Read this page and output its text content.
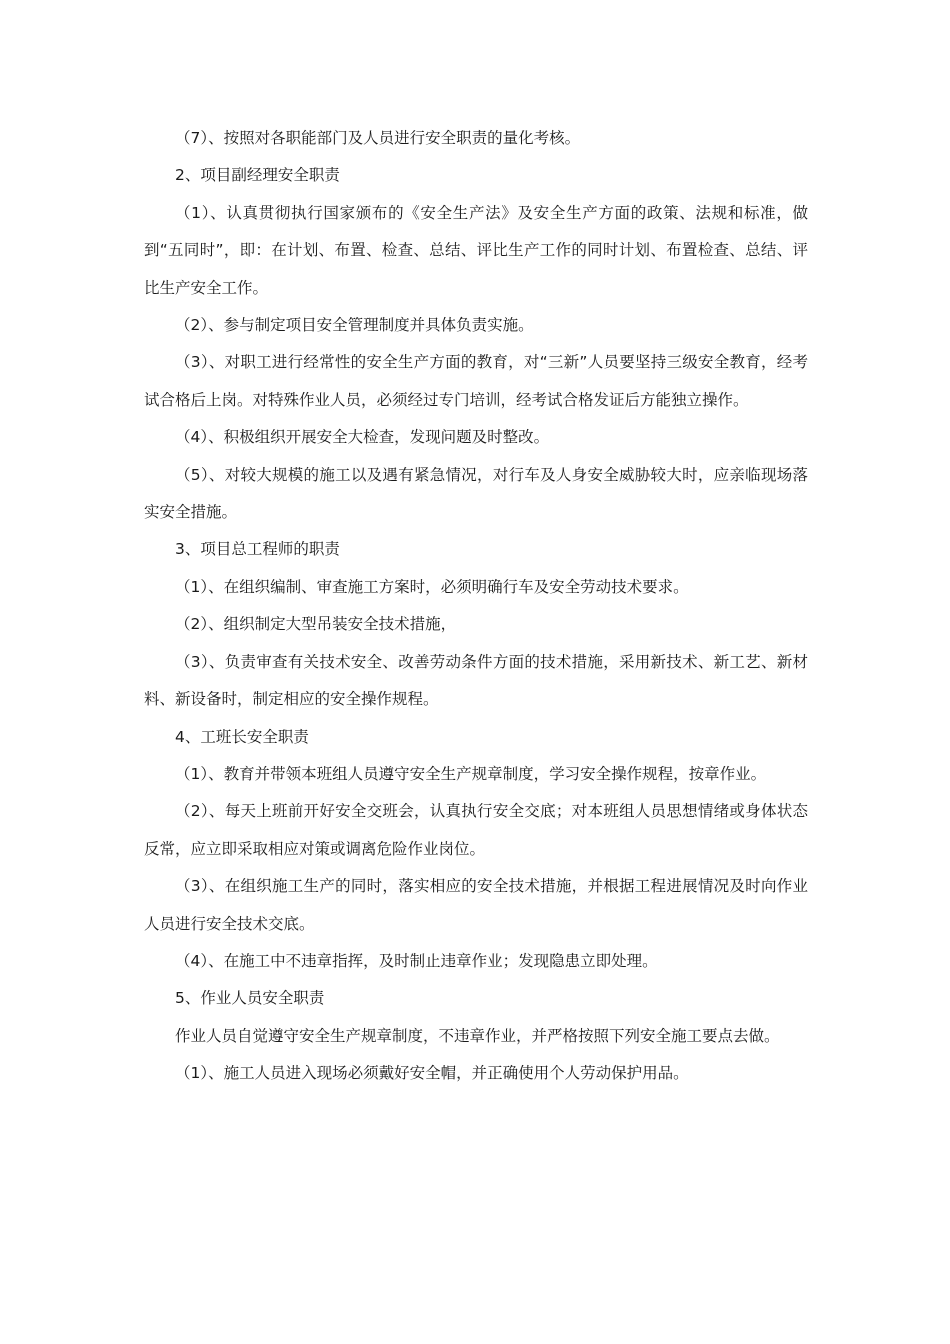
（7）、按照对各职能部门及人员进行安全职责的量化考核。

2、项目副经理安全职责

（1）、认真贯彻执行国家颁布的《安全生产法》及安全生产方面的政策、法规和标准，做到“五同时”，即：在计划、布置、检查、总结、评比生产工作的同时计划、布置检查、总结、评比生产安全工作。

（2）、参与制定项目安全管理制度并具体负责实施。

（3）、对职工进行经常性的安全生产方面的教育，对“三新”人员要坚持三级安全教育，经考试合格后上岗。对特殊作业人员，必须经过专门培训，经考试合格发证后方能独立操作。

（4）、积极组织开展安全大检查，发现问题及时整改。

（5）、对较大规模的施工以及遇有紧急情况，对行车及人身安全威胁较大时，应亲临现场落实安全措施。

3、项目总工程师的职责

（1）、在组织编制、审查施工方案时，必须明确行车及安全劳动技术要求。

（2）、组织制定大型吊装安全技术措施，

（3）、负责审查有关技术安全、改善劳动条件方面的技术措施，采用新技术、新工艺、新材料、新设备时，制定相应的安全操作规程。

4、工班长安全职责

（1）、教育并带领本班组人员遵守安全生产规章制度，学习安全操作规程，按章作业。

（2）、每天上班前开好安全交班会，认真执行安全交底；对本班组人员思想情绪或身体状态反常，应立即采取相应对策或调离危险作业岗位。

（3）、在组织施工生产的同时，落实相应的安全技术措施，并根据工程进展情况及时向作业人员进行安全技术交底。

（4）、在施工中不违章指挥，及时制止违章作业；发现隐患立即处理。

5、作业人员安全职责

作业人员自觉遵守安全生产规章制度，不违章作业，并严格按照下列安全施工要点去做。

（1）、施工人员进入现场必须戴好安全帽，并正确使用个人劳动保护用品。
